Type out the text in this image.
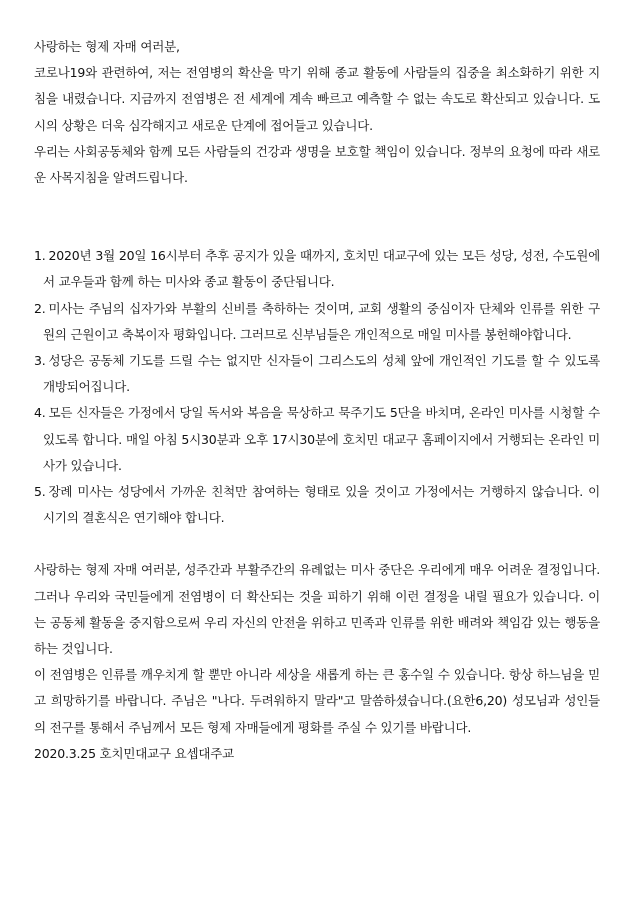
사랑하는 형제 자매 여러분,

코로나19와 관련하여, 저는 전염병의 확산을 막기 위해 종교 활동에 사람들의 집중을 최소화하기 위한 지침을 내렸습니다. 지금까지 전염병은 전 세계에 계속 빠르고 예측할 수 없는 속도로 확산되고 있습니다. 도시의 상황은 더욱 심각해지고 새로운 단계에 접어들고 있습니다.

우리는 사회공동체와 함께 모든 사람들의 건강과 생명을 보호할 책임이 있습니다. 정부의 요청에 따라 새로운 사목지침을 알려드립니다.

1. 2020년 3월 20일 16시부터 추후 공지가 있을 때까지, 호치민 대교구에 있는 모든 성당, 성전, 수도원에서 교우들과 함께 하는 미사와 종교 활동이 중단됩니다.
2. 미사는 주님의 십자가와 부활의 신비를 축하하는 것이며, 교회 생활의 중심이자 단체와 인류를 위한 구원의 근원이고 축복이자 평화입니다. 그러므로 신부님들은 개인적으로 매일 미사를 봉헌해야합니다.
3. 성당은 공동체 기도를 드릴 수는 없지만 신자들이 그리스도의 성체 앞에 개인적인 기도를 할 수 있도록 개방되어집니다.
4. 모든 신자들은 가정에서 당일 독서와 복음을 묵상하고 묵주기도 5단을 바치며, 온라인 미사를 시청할 수 있도록 합니다. 매일 아침 5시30분과 오후 17시30분에 호치민 대교구 홈페이지에서 거행되는 온라인 미사가 있습니다.
5. 장례 미사는 성당에서 가까운 친척만 참여하는 형태로 있을 것이고 가정에서는 거행하지 않습니다. 이 시기의 결혼식은 연기해야 합니다.

사랑하는 형제 자매 여러분, 성주간과 부활주간의 유례없는 미사 중단은 우리에게 매우 어려운 결정입니다. 그러나 우리와 국민들에게 전염병이 더 확산되는 것을 피하기 위해 이런 결정을 내릴 필요가 있습니다. 이는 공동체 활동을 중지함으로써 우리 자신의 안전을 위하고 민족과 인류를 위한 배려와 책임감 있는 행동을 하는 것입니다.

이 전염병은 인류를 깨우치게 할 뿐만 아니라 세상을 새롭게 하는 큰 홍수일 수 있습니다. 항상 하느님을 믿고 희망하기를 바랍니다. 주님은 "나다. 두려워하지 말라"고 말씀하셨습니다.(요한6,20) 성모님과 성인들의 전구를 통해서 주님께서 모든 형제 자매들에게 평화를 주실 수 있기를 바랍니다.

2020.3.25 호치민대교구 요셉대주교
